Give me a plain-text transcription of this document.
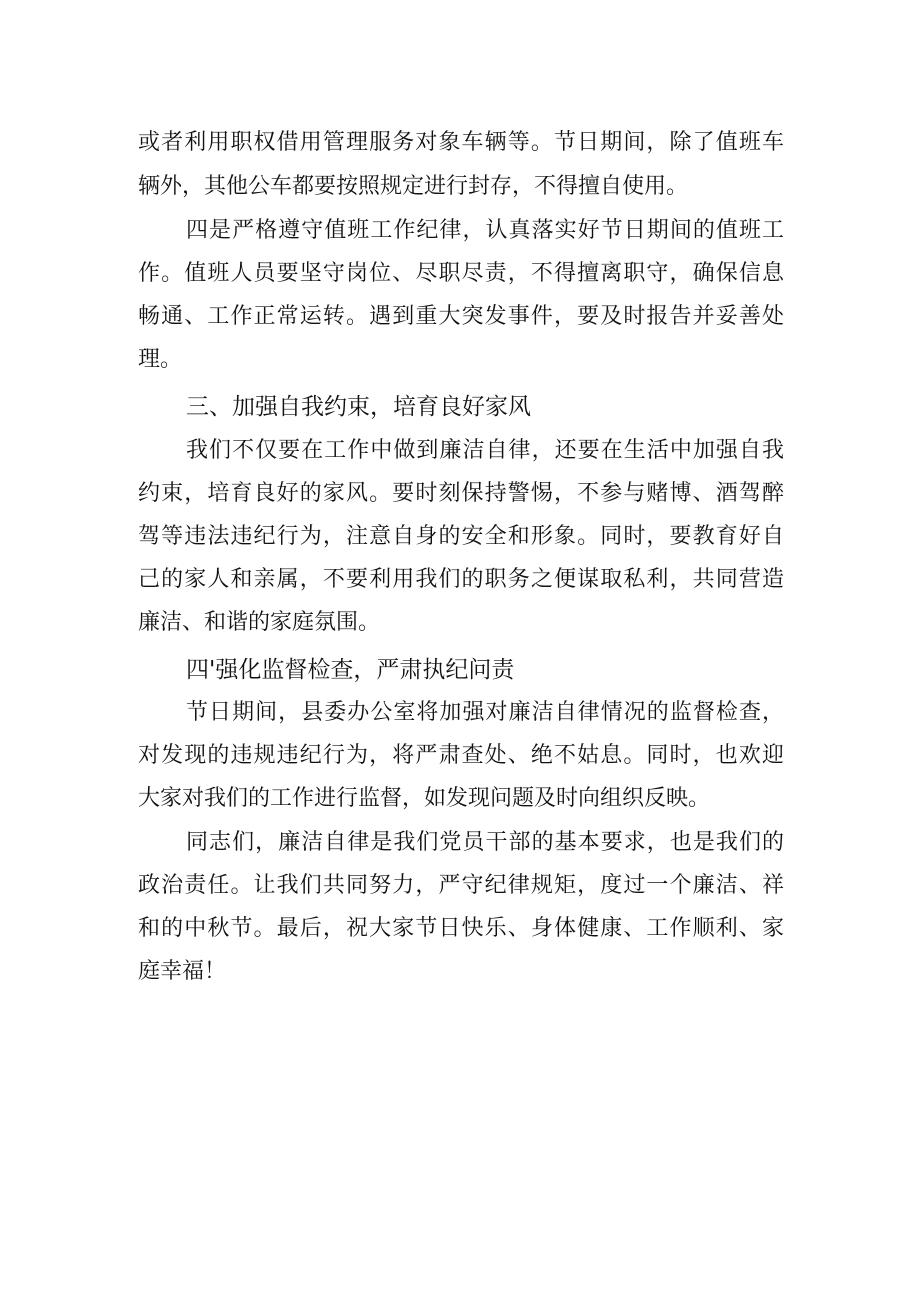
或者利用职权借用管理服务对象车辆等。节日期间，除了值班车
辆外，其他公车都要按照规定进行封存，不得擅自使用。
四是严格遵守值班工作纪律，认真落实好节日期间的值班工
作。值班人员要坚守岗位、尽职尽责，不得擅离职守，确保信息
畅通、工作正常运转。遇到重大突发事件，要及时报告并妥善处
理。
三、加强自我约束，培育良好家风
我们不仅要在工作中做到廉洁自律，还要在生活中加强自我
约束，培育良好的家风。要时刻保持警惕，不参与赌博、酒驾醉
驾等违法违纪行为，注意自身的安全和形象。同时，要教育好自
己的家人和亲属，不要利用我们的职务之便谋取私利，共同营造
廉洁、和谐的家庭氛围。
四'强化监督检查，严肃执纪问责
节日期间，县委办公室将加强对廉洁自律情况的监督检查，
对发现的违规违纪行为，将严肃查处、绝不姑息。同时，也欢迎
大家对我们的工作进行监督，如发现问题及时向组织反映。
同志们，廉洁自律是我们党员干部的基本要求，也是我们的
政治责任。让我们共同努力，严守纪律规矩，度过一个廉洁、祥
和的中秋节。最后，祝大家节日快乐、身体健康、工作顺利、家
庭幸福！
